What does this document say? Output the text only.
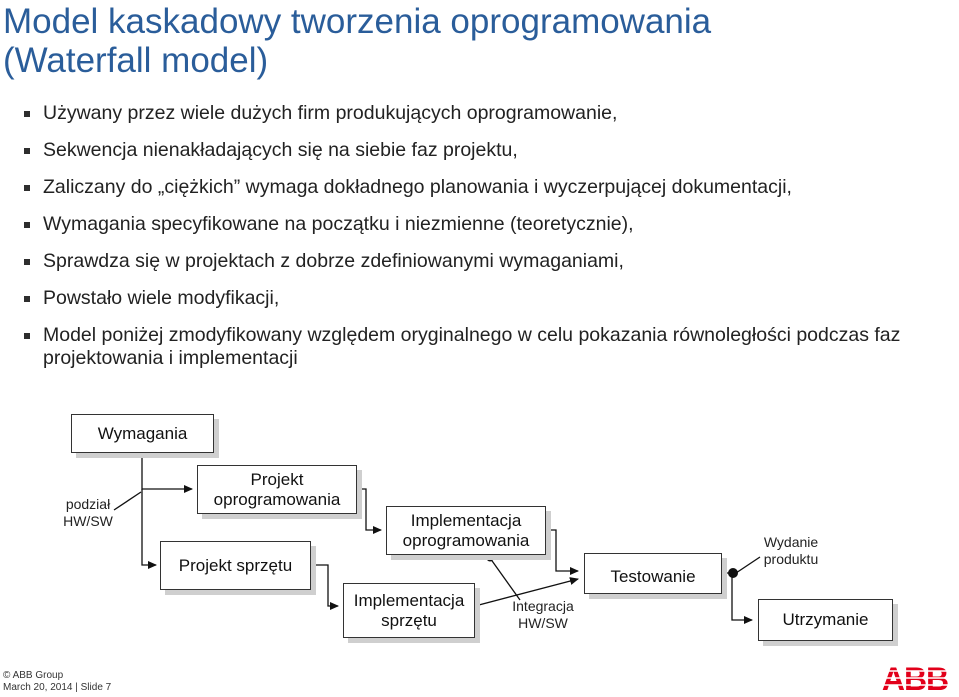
Model kaskadowy tworzenia oprogramowania
(Waterfall model)
Używany przez wiele dużych firm produkujących oprogramowanie,
Sekwencja nienakładających się na siebie faz projektu,
Zaliczany do „ciężkich” wymaga dokładnego planowania i wyczerpującej dokumentacji,
Wymagania specyfikowane na początku i niezmienne (teoretycznie),
Sprawdza się w projektach z dobrze zdefiniowanymi wymaganiami,
Powstało wiele modyfikacji,
Model poniżej zmodyfikowany względem oryginalnego w celu pokazania równoległości podczas faz projektowania i implementacji
Wymagania
Projekt
oprogramowania
Projekt sprzętu
Implementacja
oprogramowania
Implementacja
sprzętu
Testowanie
Utrzymanie
podział
HW/SW
Integracja
HW/SW
Wydanie
produktu
© ABB Group
March 20, 2014 | Slide 7	ABB
